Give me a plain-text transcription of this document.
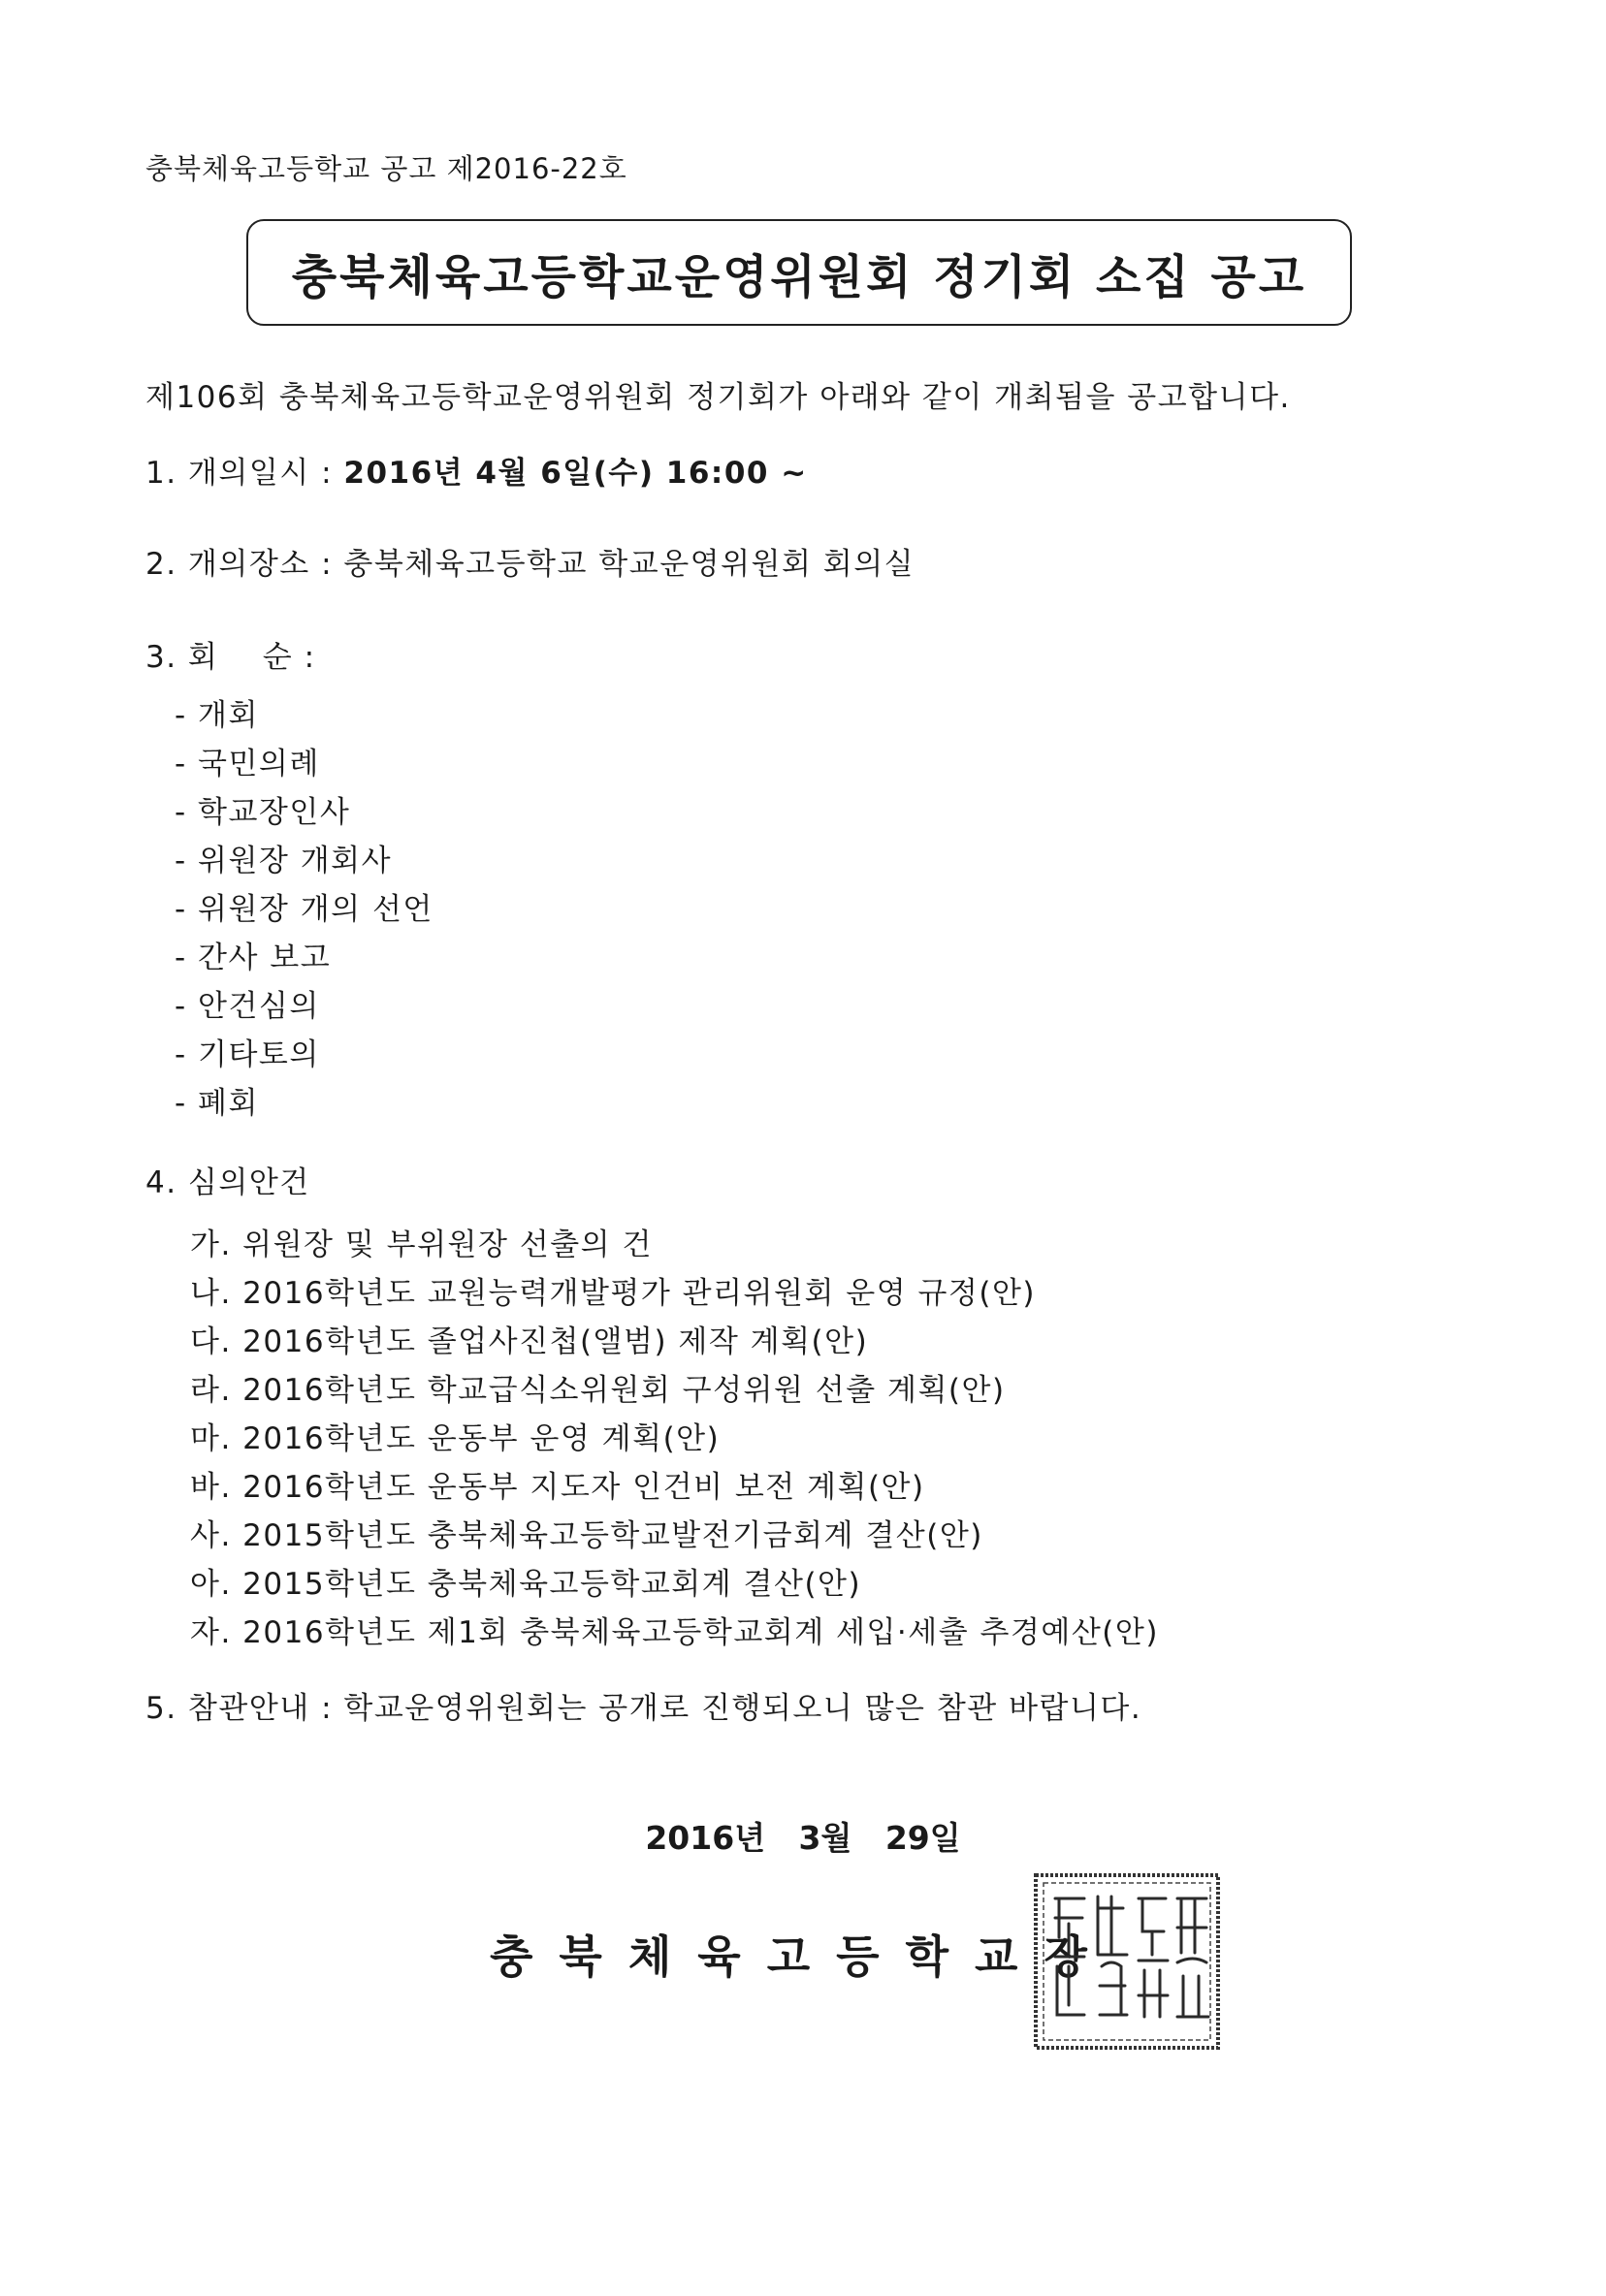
충북체육고등학교 공고 제2016-22호
충북체육고등학교운영위원회 정기회 소집 공고
제106회 충북체육고등학교운영위원회 정기회가 아래와 같이 개최됨을 공고합니다.
1. 개의일시 : 2016년 4월 6일(수) 16:00 ~
2. 개의장소 : 충북체육고등학교 학교운영위원회 회의실
3. 회    순 :
- 개회
- 국민의례
- 학교장인사
- 위원장 개회사
- 위원장 개의 선언
- 간사 보고
- 안건심의
- 기타토의
- 폐회
4. 심의안건
가. 위원장 및 부위원장 선출의 건
나. 2016학년도 교원능력개발평가 관리위원회 운영 규정(안)
다. 2016학년도 졸업사진첩(앨범) 제작 계획(안)
라. 2016학년도 학교급식소위원회 구성위원 선출 계획(안)
마. 2016학년도 운동부 운영 계획(안)
바. 2016학년도 운동부 지도자 인건비 보전 계획(안)
사. 2015학년도 충북체육고등학교발전기금회계 결산(안)
아. 2015학년도 충북체육고등학교회계 결산(안)
자. 2016학년도 제1회 충북체육고등학교회계 세입·세출 추경예산(안)
5. 참관안내 : 학교운영위원회는 공개로 진행되오니 많은 참관 바랍니다.
2016년   3월   29일
충북체육고등학교장
